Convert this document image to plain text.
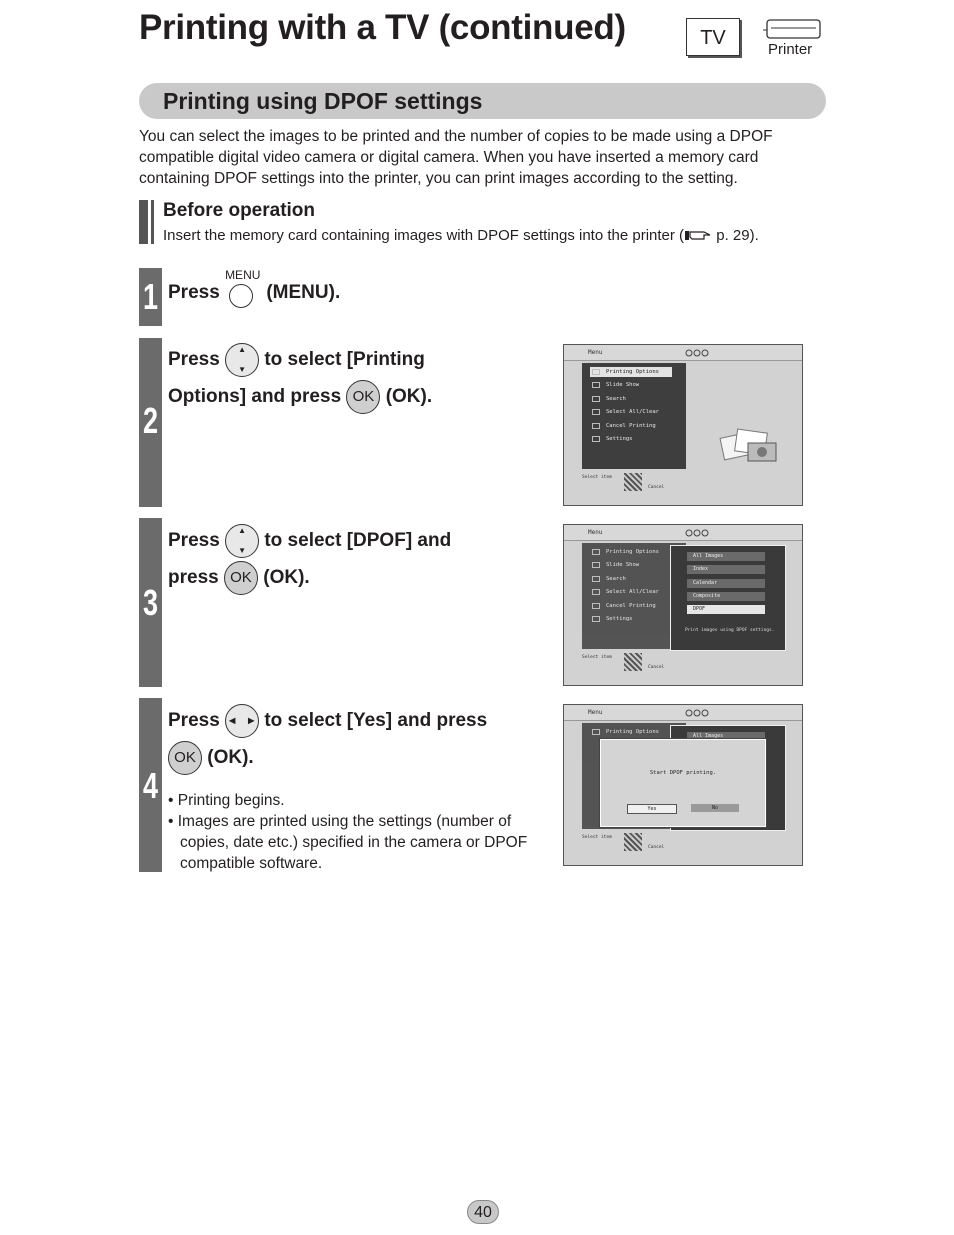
Printing with a TV (continued)	TV
Printer
Printing using DPOF settings
You can select the images to be printed and the number of copies to be made using a DPOF compatible digital video camera or digital camera. When you have inserted a memory card containing DPOF settings into the printer, you can print images according to the setting.
Before operation
Insert the memory card containing images with DPOF settings into the printer ( p. 29).
1 Press
MENU
(MENU).
2
Press ▲
▼ to select [Printing
Options] and press OK (OK).
Menu
Printing Options
Slide Show
Search
Select All/Clear
Cancel Printing
Settings
Select item
Cancel
3
Press ▲
▼ to select [DPOF] and
press OK (OK).
Menu
Printing Options
Slide Show
Search
Select All/Clear
Cancel Printing
Settings
All Images
Index
Calendar
Composite
DPOF
Print images using DPOF settings.
Select item
Cancel
4
Press ◀ ▶ to select [Yes] and press
OK (OK).
• Printing begins.
• Images are printed using the settings (number of copies, date etc.) specified in the camera or DPOF compatible software.
Menu
Printing Options
All Images
Start DPOF printing.
Yes	No
Select item
Cancel
40
